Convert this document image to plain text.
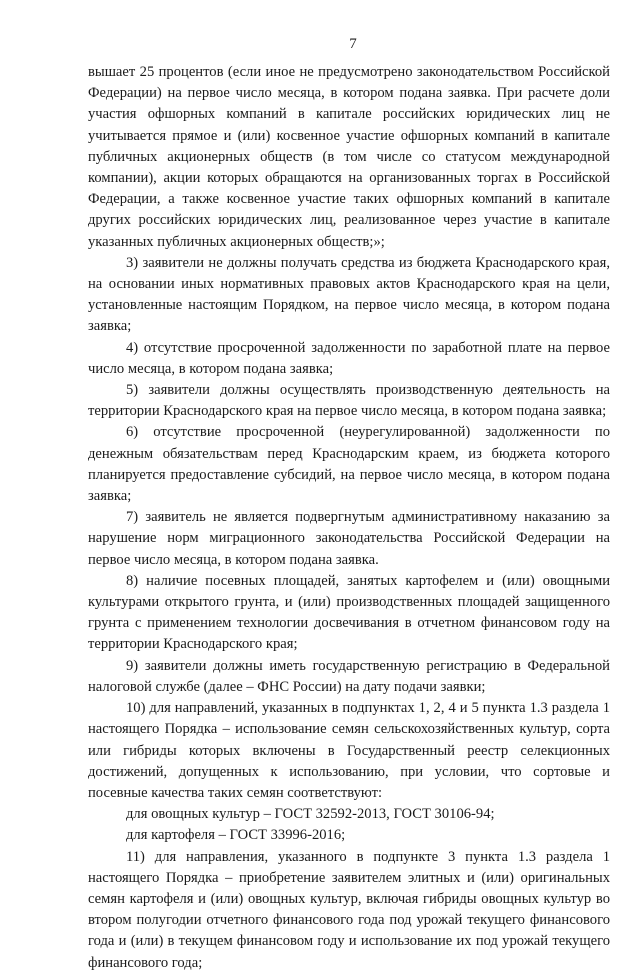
7

вышает 25 процентов (если иное не предусмотрено законодательством Российской Федерации) на первое число месяца, в котором подана заявка. При расчете доли участия офшорных компаний в капитале российских юридических лиц не учитывается прямое и (или) косвенное участие офшорных компаний в капитале публичных акционерных обществ (в том числе со статусом международной компании), акции которых обращаются на организованных торгах в Российской Федерации, а также косвенное участие таких офшорных компаний в капитале других российских юридических лиц, реализованное через участие в капитале указанных публичных акционерных обществ;»;

3) заявители не должны получать средства из бюджета Краснодарского края, на основании иных нормативных правовых актов Краснодарского края на цели, установленные настоящим Порядком, на первое число месяца, в котором подана заявка;

4) отсутствие просроченной задолженности по заработной плате на первое число месяца, в котором подана заявка;

5) заявители должны осуществлять производственную деятельность на территории Краснодарского края на первое число месяца, в котором подана заявка;

6) отсутствие просроченной (неурегулированной) задолженности по денежным обязательствам перед Краснодарским краем, из бюджета которого планируется предоставление субсидий, на первое число месяца, в котором подана заявка;

7) заявитель не является подвергнутым административному наказанию за нарушение норм миграционного законодательства Российской Федерации на первое число месяца, в котором подана заявка.

8) наличие посевных площадей, занятых картофелем и (или) овощными культурами открытого грунта, и (или) производственных площадей защищенного грунта с применением технологии досвечивания в отчетном финансовом году на территории Краснодарского края;

9) заявители должны иметь государственную регистрацию в Федеральной налоговой службе (далее – ФНС России) на дату подачи заявки;

10) для направлений, указанных в подпунктах 1, 2, 4 и 5 пункта 1.3 раздела 1 настоящего Порядка – использование семян сельскохозяйственных культур, сорта или гибриды которых включены в Государственный реестр селекционных достижений, допущенных к использованию, при условии, что сортовые и посевные качества таких семян соответствуют:

для овощных культур – ГОСТ 32592-2013, ГОСТ 30106-94;

для картофеля – ГОСТ 33996-2016;

11) для направления, указанного в подпункте 3 пункта 1.3 раздела 1 настоящего Порядка – приобретение заявителем элитных и (или) оригинальных семян картофеля и (или) овощных культур, включая гибриды овощных культур во втором полугодии отчетного финансового года под урожай текущего финансового года и (или) в текущем финансовом году и использование их под урожай текущего финансового года;
